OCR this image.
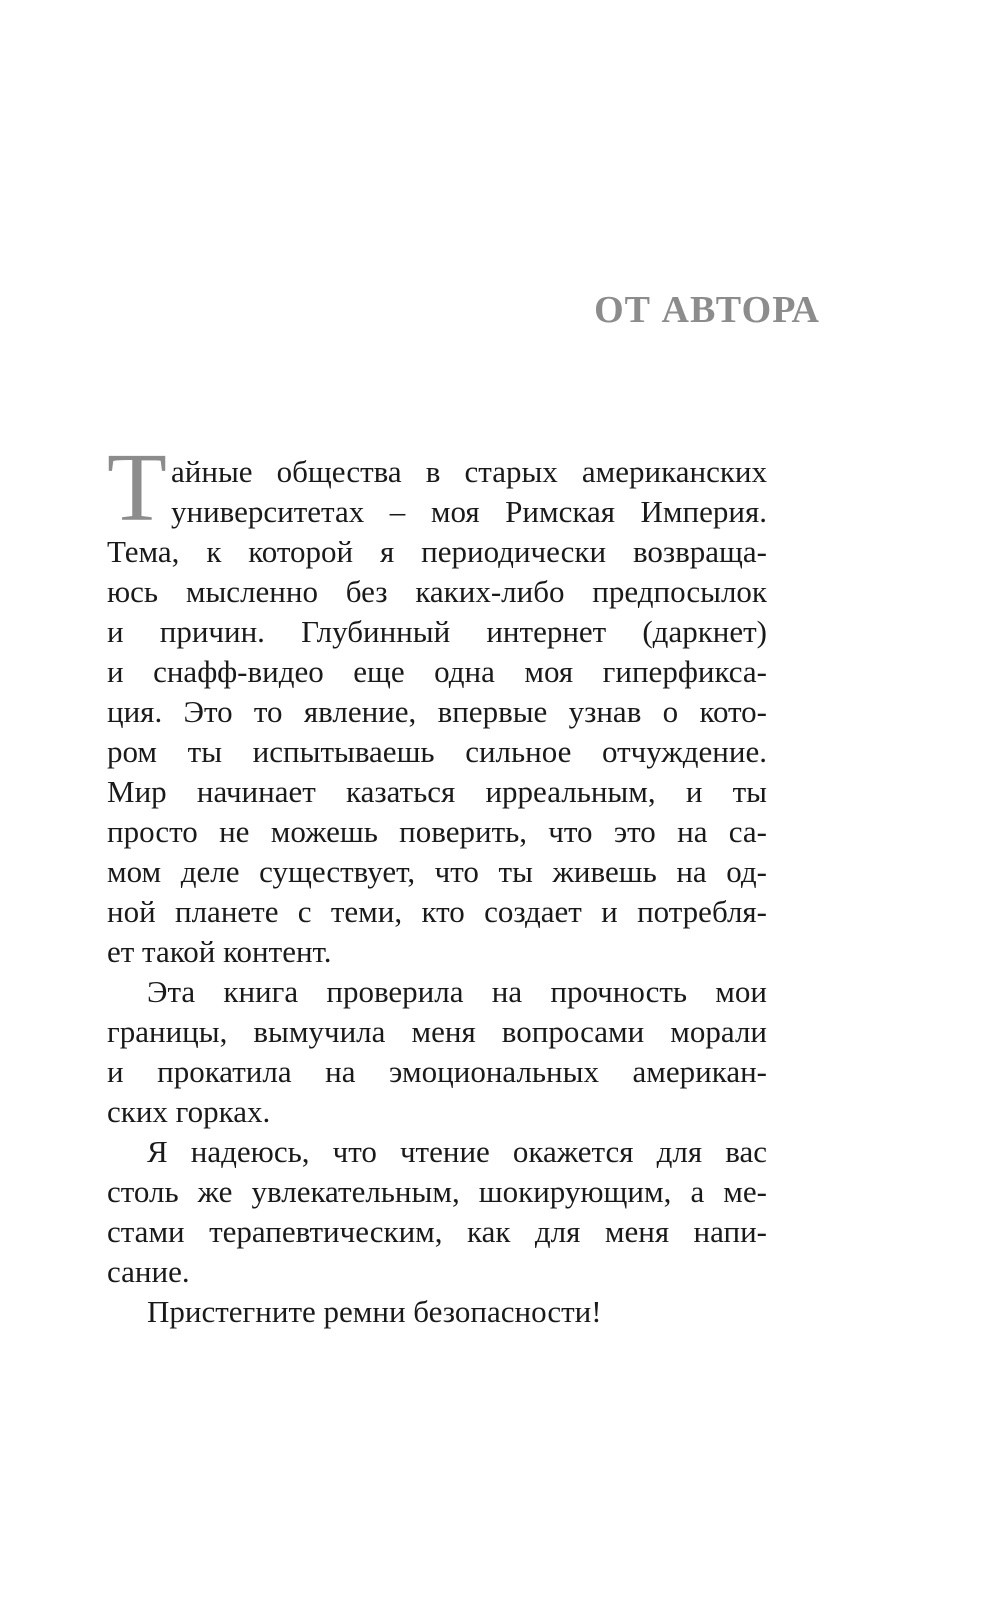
ОТ АВТОРА
Т айные общества в старых американских
университетах – моя Римская Империя.
Тема, к которой я периодически возвраща-
юсь мысленно без каких-либо предпосылок
и причин. Глубинный интернет (даркнет)
и снафф-видео еще одна моя гиперфикса-
ция. Это то явление, впервые узнав о кото-
ром ты испытываешь сильное отчуждение.
Мир начинает казаться ирреальным, и ты
просто не можешь поверить, что это на са-
мом деле существует, что ты живешь на од-
ной планете с теми, кто создает и потребля-
ет такой контент.
Эта книга проверила на прочность мои
границы, вымучила меня вопросами морали
и прокатила на эмоциональных американ-
ских горках.
Я надеюсь, что чтение окажется для вас
столь же увлекательным, шокирующим, а ме-
стами терапевтическим, как для меня напи-
сание.
Пристегните ремни безопасности!
